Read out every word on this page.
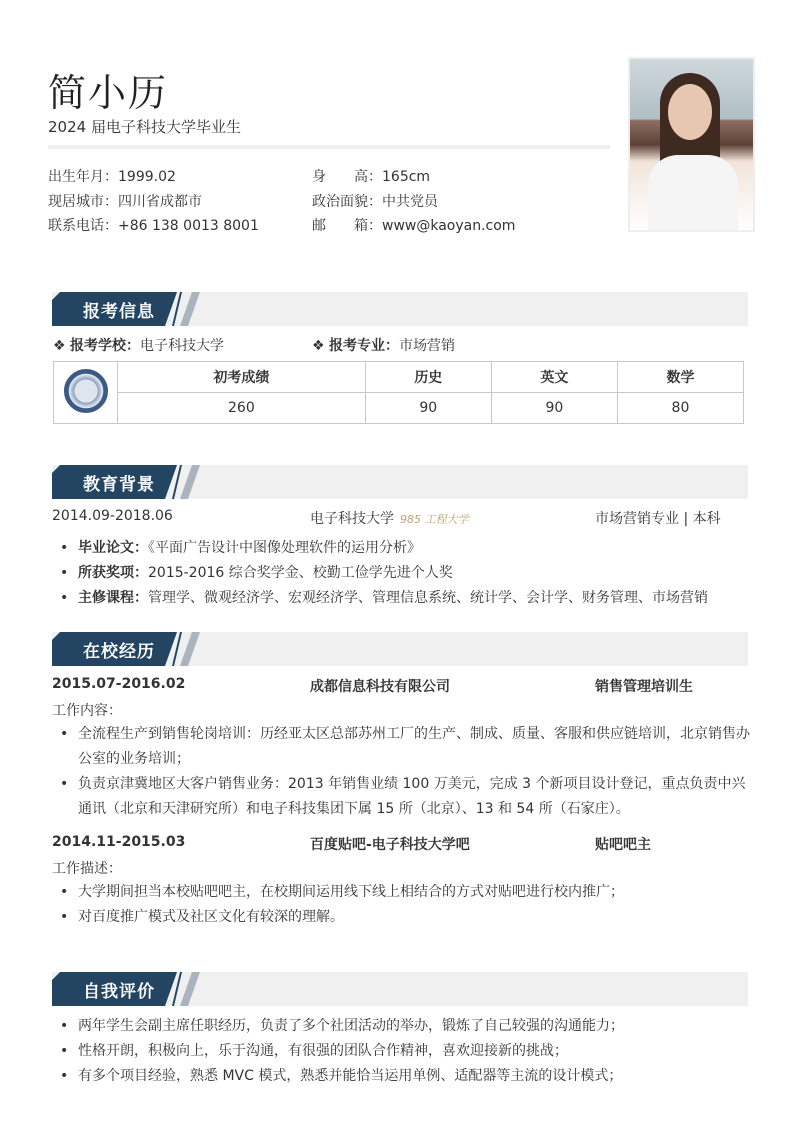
简小历
2024 届电子科技大学毕业生
出生年月：1999.02
现居城市：四川省成都市
联系电话：+86 138 0013 8001
身　　高：165cm
政治面貌：中共党员
邮　　箱：www@kaoyan.com
报考信息
❖ 报考学校：电子科技大学	❖ 报考专业：市场营销
	初考成绩	历史	英文	数学
	260	90	90	80
教育背景
2014.09-2018.06	电子科技大学 985 工程大学	市场营销专业 | 本科
• 毕业论文：《平面广告设计中图像处理软件的运用分析》
• 所获奖项：2015-2016 综合奖学金、校勤工俭学先进个人奖
• 主修课程：管理学、微观经济学、宏观经济学、管理信息系统、统计学、会计学、财务管理、市场营销
在校经历
2015.07-2016.02	成都信息科技有限公司	销售管理培训生
工作内容：
• 全流程生产到销售轮岗培训：历经亚太区总部苏州工厂的生产、制成、质量、客服和供应链培训，北京销售办公室的业务培训；
• 负责京津冀地区大客户销售业务：2013 年销售业绩 100 万美元，完成 3 个新项目设计登记，重点负责中兴通讯（北京和天津研究所）和电子科技集团下属 15 所（北京）、13 和 54 所（石家庄）。
2014.11-2015.03	百度贴吧-电子科技大学吧	贴吧吧主
工作描述：
• 大学期间担当本校贴吧吧主，在校期间运用线下线上相结合的方式对贴吧进行校内推广；
• 对百度推广模式及社区文化有较深的理解。
自我评价
• 两年学生会副主席任职经历，负责了多个社团活动的举办，锻炼了自己较强的沟通能力；
• 性格开朗，积极向上，乐于沟通，有很强的团队合作精神，喜欢迎接新的挑战；
• 有多个项目经验，熟悉 MVC 模式，熟悉并能恰当运用单例、适配器等主流的设计模式；
